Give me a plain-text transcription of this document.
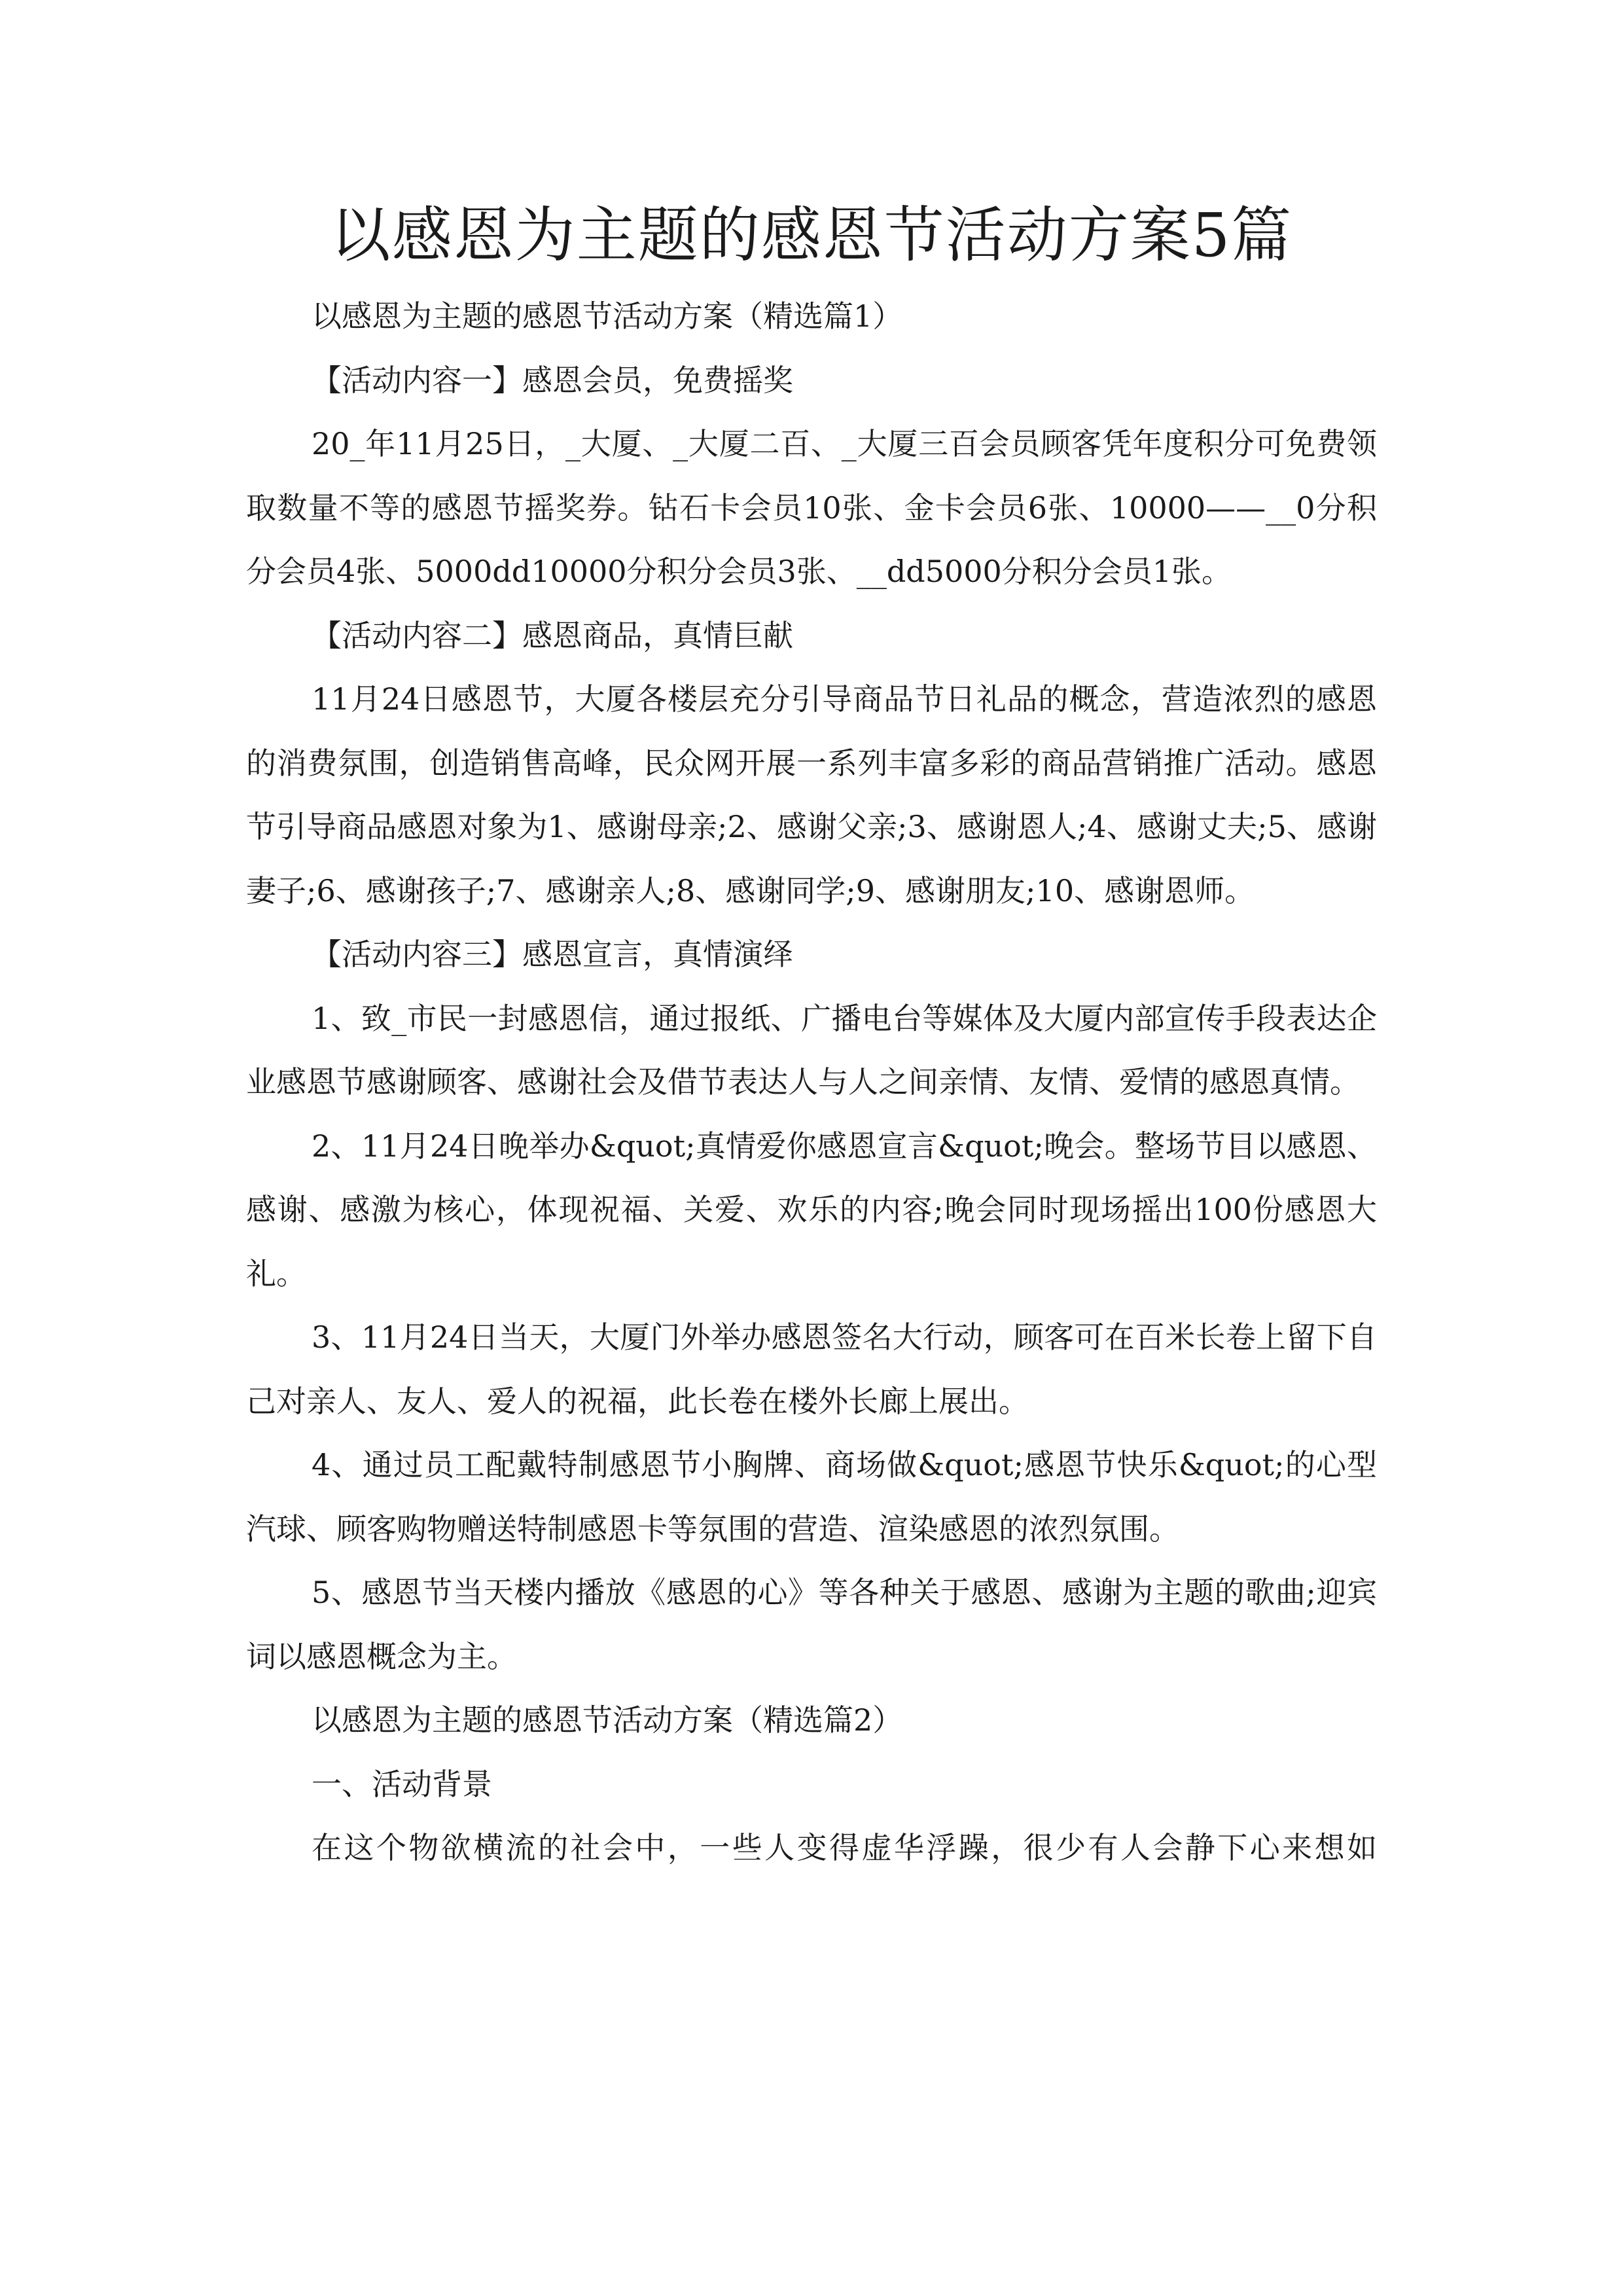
以感恩为主题的感恩节活动方案5篇

以感恩为主题的感恩节活动方案（精选篇1）

【活动内容一】感恩会员，免费摇奖

20_年11月25日，_大厦、_大厦二百、_大厦三百会员顾客凭年度积分可免费领取数量不等的感恩节摇奖券。钻石卡会员10张、金卡会员6张、10000——__0分积分会员4张、5000dd10000分积分会员3张、__dd5000分积分会员1张。

【活动内容二】感恩商品，真情巨献

11月24日感恩节，大厦各楼层充分引导商品节日礼品的概念，营造浓烈的感恩的消费氛围，创造销售高峰，民众网开展一系列丰富多彩的商品营销推广活动。感恩节引导商品感恩对象为1、感谢母亲;2、感谢父亲;3、感谢恩人;4、感谢丈夫;5、感谢妻子;6、感谢孩子;7、感谢亲人;8、感谢同学;9、感谢朋友;10、感谢恩师。

【活动内容三】感恩宣言，真情演绎

1、致_市民一封感恩信，通过报纸、广播电台等媒体及大厦内部宣传手段表达企业感恩节感谢顾客、感谢社会及借节表达人与人之间亲情、友情、爱情的感恩真情。

2、11月24日晚举办&quot;真情爱你感恩宣言&quot;晚会。整场节目以感恩、感谢、感激为核心，体现祝福、关爱、欢乐的内容;晚会同时现场摇出100份感恩大礼。

3、11月24日当天，大厦门外举办感恩签名大行动，顾客可在百米长卷上留下自己对亲人、友人、爱人的祝福，此长卷在楼外长廊上展出。

4、通过员工配戴特制感恩节小胸牌、商场做&quot;感恩节快乐&quot;的心型汽球、顾客购物赠送特制感恩卡等氛围的营造、渲染感恩的浓烈氛围。

5、感恩节当天楼内播放《感恩的心》等各种关于感恩、感谢为主题的歌曲;迎宾词以感恩概念为主。

以感恩为主题的感恩节活动方案（精选篇2）

一、活动背景

在这个物欲横流的社会中，一些人变得虚华浮躁，很少有人会静下心来想如
